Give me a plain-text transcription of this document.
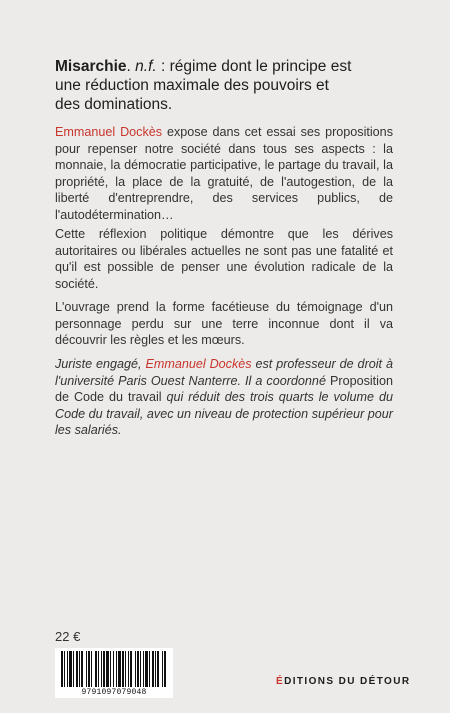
Misarchie. n.f. : régime dont le principe est une réduction maximale des pouvoirs et des dominations.
Emmanuel Dockès expose dans cet essai ses propositions pour repenser notre société dans tous ses aspects : la monnaie, la démocratie participative, le partage du travail, la propriété, la place de la gratuité, de l'autogestion, de la liberté d'entreprendre, des services publics, de l'autodétermination…
Cette réflexion politique démontre que les dérives autoritaires ou libérales actuelles ne sont pas une fatalité et qu'il est possible de penser une évolution radicale de la société.
L'ouvrage prend la forme facétieuse du témoignage d'un personnage perdu sur une terre inconnue dont il va découvrir les règles et les mœurs.
Juriste engagé, Emmanuel Dockès est professeur de droit à l'université Paris Ouest Nanterre. Il a coordonné Proposition de Code du travail qui réduit des trois quarts le volume du Code du travail, avec un niveau de protection supérieur pour les salariés.
22 €
9791097079048
ÉDITIONS DU DÉTOUR
